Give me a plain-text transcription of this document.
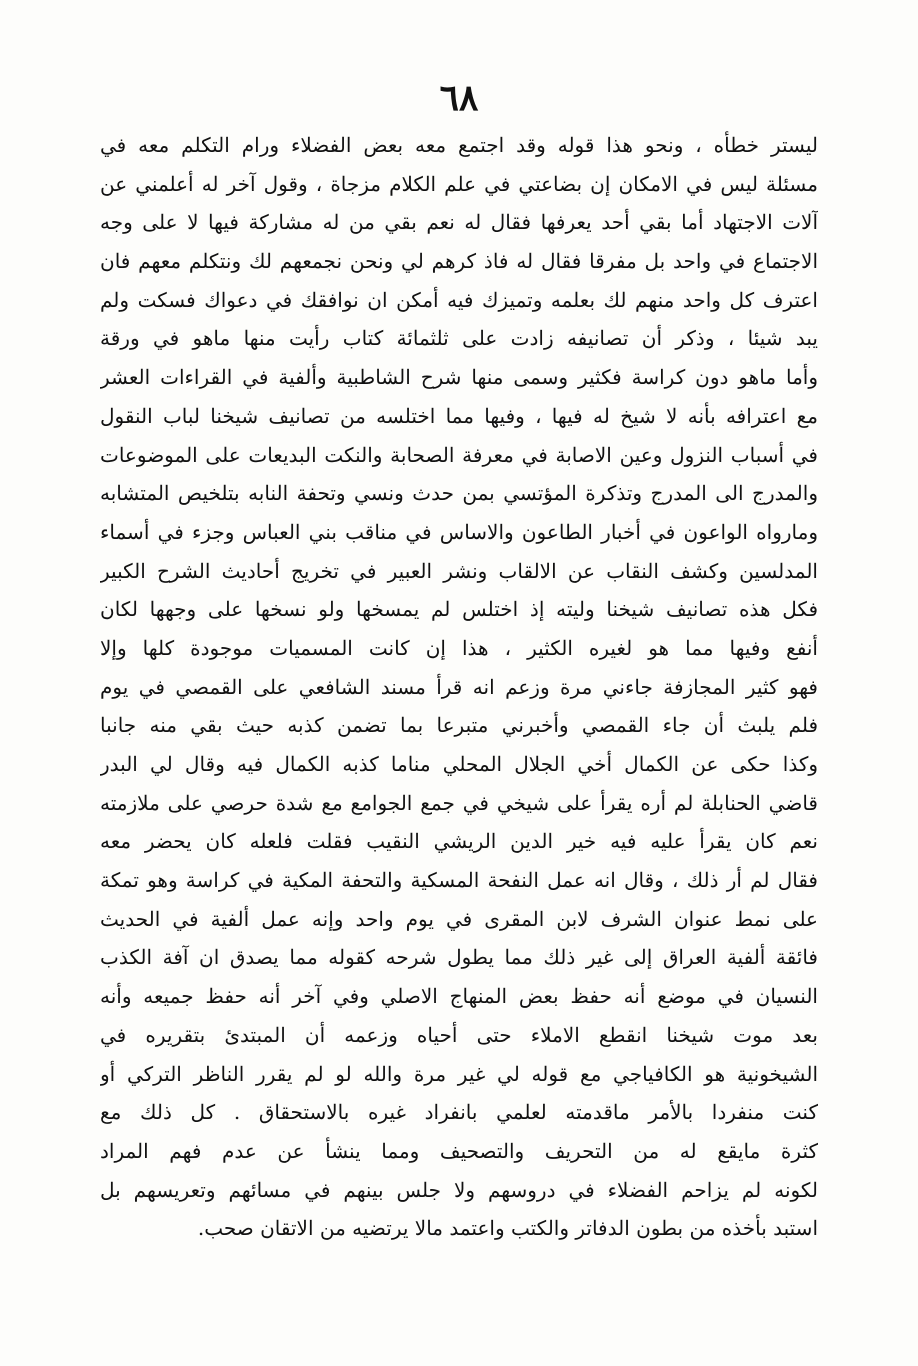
٦٨
ليستر خطأه ، ونحو هذا قوله وقد اجتمع معه بعض الفضلاء ورام التكلم معه في
مسئلة ليس في الامكان إن بضاعتي في علم الكلام مزجاة ، وقول آخر له أعلمني عن
آلات الاجتهاد أما بقي أحد يعرفها فقال له نعم بقي من له مشاركة فيها لا على وجه
الاجتماع في واحد بل مفرقا فقال له فاذ كرهم لي ونحن نجمعهم لك ونتكلم معهم فان
اعترف كل واحد منهم لك بعلمه وتميزك فيه أمكن ان نوافقك في دعواك فسكت ولم
يبد شيئا ، وذكر أن تصانيفه زادت على ثلثمائة كتاب رأيت منها ماهو في ورقة
وأما ماهو دون كراسة فكثير وسمى منها شرح الشاطبية وألفية في القراءات العشر
مع اعترافه بأنه لا شيخ له فيها ، وفيها مما اختلسه من تصانيف شيخنا لباب النقول
في أسباب النزول وعين الاصابة في معرفة الصحابة والنكت البديعات على الموضوعات
والمدرج الى المدرج وتذكرة المؤتسي بمن حدث ونسي وتحفة النابه بتلخيص المتشابه
ومارواه الواعون في أخبار الطاعون والاساس في مناقب بني العباس وجزء في أسماء
المدلسين وكشف النقاب عن الالقاب ونشر العبير في تخريج أحاديث الشرح الكبير
فكل هذه تصانيف شيخنا وليته إذ اختلس لم يمسخها ولو نسخها على وجهها لكان
أنفع وفيها مما هو لغيره الكثير ، هذا إن كانت المسميات موجودة كلها وإلا
فهو كثير المجازفة جاءني مرة وزعم انه قرأ مسند الشافعي على القمصي في يوم
فلم يلبث أن جاء القمصي وأخبرني متبرعا بما تضمن كذبه حيث بقي منه جانبا
وكذا حكى عن الكمال أخي الجلال المحلي مناما كذبه الكمال فيه وقال لي البدر
قاضي الحنابلة لم أره يقرأ على شيخي في جمع الجوامع مع شدة حرصي على ملازمته
نعم كان يقرأ عليه فيه خير الدين الريشي النقيب فقلت فلعله كان يحضر معه
فقال لم أر ذلك ، وقال انه عمل النفحة المسكية والتحفة المكية في كراسة وهو تمكة
على نمط عنوان الشرف لابن المقرى في يوم واحد وإنه عمل ألفية في الحديث
فائقة ألفية العراق إلى غير ذلك مما يطول شرحه كقوله مما يصدق ان آفة الكذب
النسيان في موضع أنه حفظ بعض المنهاج الاصلي وفي آخر أنه حفظ جميعه وأنه
بعد موت شيخنا انقطع الاملاء حتى أحياه وزعمه أن المبتدئ بتقريره في
الشيخونية هو الكافياجي مع قوله لي غير مرة والله لو لم يقرر الناظر التركي أو
كنت منفردا بالأمر ماقدمته لعلمي بانفراد غيره بالاستحقاق . كل ذلك مع
كثرة مايقع له من التحريف والتصحيف ومما ينشأ عن عدم فهم المراد
لكونه لم يزاحم الفضلاء في دروسهم ولا جلس بينهم في مسائهم وتعريسهم بل
استبد بأخذه من بطون الدفاتر والكتب واعتمد مالا يرتضيه من الاتقان صحب.
